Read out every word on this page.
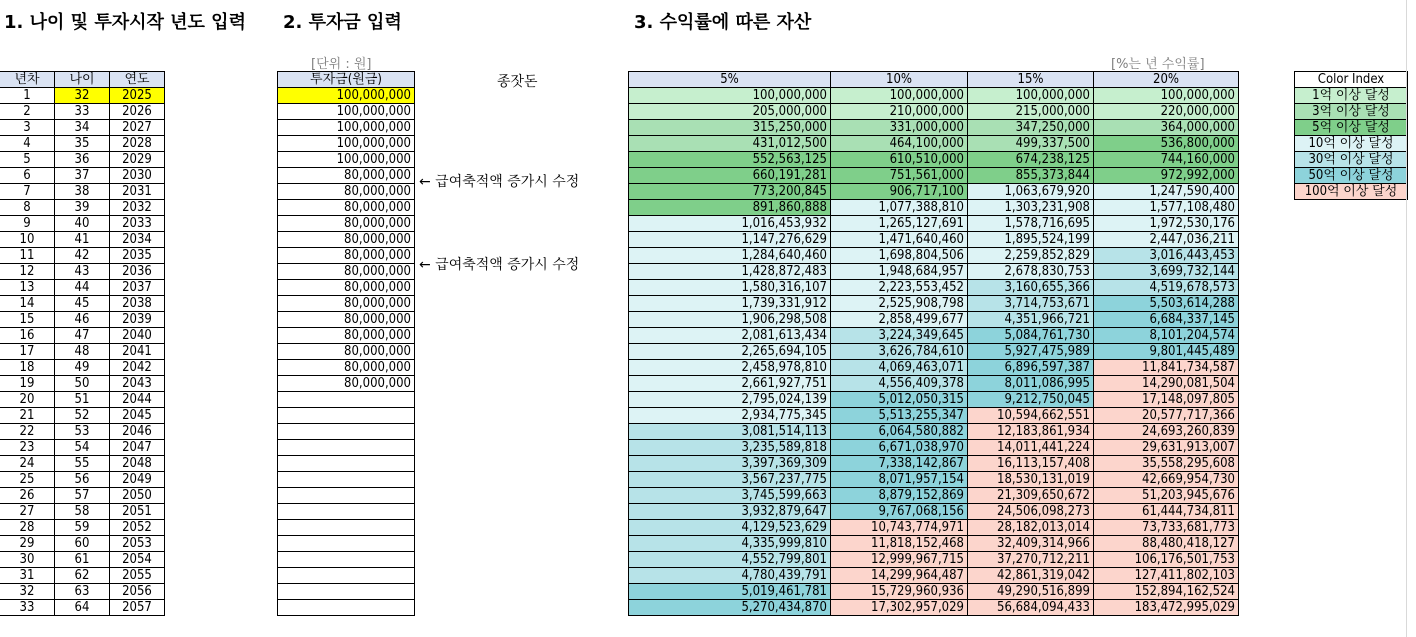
1. 나이 및 투자시작 년도 입력 2. 투자금 입력	3. 수익률에 따른 자산
[단위 : 원]	[%는 년 수익률]
종잣돈
← 급여축적액 증가시 수정
← 급여축적액 증가시 수정
년차	나이	연도
1	32	2025
2	33	2026
3	34	2027
4	35	2028
5	36	2029
6	37	2030
7	38	2031
8	39	2032
9	40	2033
10	41	2034
11	42	2035
12	43	2036
13	44	2037
14	45	2038
15	46	2039
16	47	2040
17	48	2041
18	49	2042
19	50	2043
20	51	2044
21	52	2045
22	53	2046
23	54	2047
24	55	2048
25	56	2049
26	57	2050
27	58	2051
28	59	2052
29	60	2053
30	61	2054
31	62	2055
32	63	2056
33	64	2057
투자금(원금)
100,000,000
100,000,000
100,000,000
100,000,000
100,000,000
80,000,000
80,000,000
80,000,000
80,000,000
80,000,000
80,000,000
80,000,000
80,000,000
80,000,000
80,000,000
80,000,000
80,000,000
80,000,000
80,000,000

5%	10%	15%	20%
100,000,000	100,000,000	100,000,000	100,000,000
205,000,000	210,000,000	215,000,000	220,000,000
315,250,000	331,000,000	347,250,000	364,000,000
431,012,500	464,100,000	499,337,500	536,800,000
552,563,125	610,510,000	674,238,125	744,160,000
660,191,281	751,561,000	855,373,844	972,992,000
773,200,845	906,717,100	1,063,679,920	1,247,590,400
891,860,888	1,077,388,810	1,303,231,908	1,577,108,480
1,016,453,932	1,265,127,691	1,578,716,695	1,972,530,176
1,147,276,629	1,471,640,460	1,895,524,199	2,447,036,211
1,284,640,460	1,698,804,506	2,259,852,829	3,016,443,453
1,428,872,483	1,948,684,957	2,678,830,753	3,699,732,144
1,580,316,107	2,223,553,452	3,160,655,366	4,519,678,573
1,739,331,912	2,525,908,798	3,714,753,671	5,503,614,288
1,906,298,508	2,858,499,677	4,351,966,721	6,684,337,145
2,081,613,434	3,224,349,645	5,084,761,730	8,101,204,574
2,265,694,105	3,626,784,610	5,927,475,989	9,801,445,489
2,458,978,810	4,069,463,071	6,896,597,387	11,841,734,587
2,661,927,751	4,556,409,378	8,011,086,995	14,290,081,504
2,795,024,139	5,012,050,315	9,212,750,045	17,148,097,805
2,934,775,345	5,513,255,347	10,594,662,551	20,577,717,366
3,081,514,113	6,064,580,882	12,183,861,934	24,693,260,839
3,235,589,818	6,671,038,970	14,011,441,224	29,631,913,007
3,397,369,309	7,338,142,867	16,113,157,408	35,558,295,608
3,567,237,775	8,071,957,154	18,530,131,019	42,669,954,730
3,745,599,663	8,879,152,869	21,309,650,672	51,203,945,676
3,932,879,647	9,767,068,156	24,506,098,273	61,444,734,811
4,129,523,629	10,743,774,971	28,182,013,014	73,733,681,773
4,335,999,810	11,818,152,468	32,409,314,966	88,480,418,127
4,552,799,801	12,999,967,715	37,270,712,211	106,176,501,753
4,780,439,791	14,299,964,487	42,861,319,042	127,411,802,103
5,019,461,781	15,729,960,936	49,290,516,899	152,894,162,524
5,270,434,870	17,302,957,029	56,684,094,433	183,472,995,029
Color Index
1억 이상 달성
3억 이상 달성
5억 이상 달성
10억 이상 달성
30억 이상 달성
50억 이상 달성
100억 이상 달성
